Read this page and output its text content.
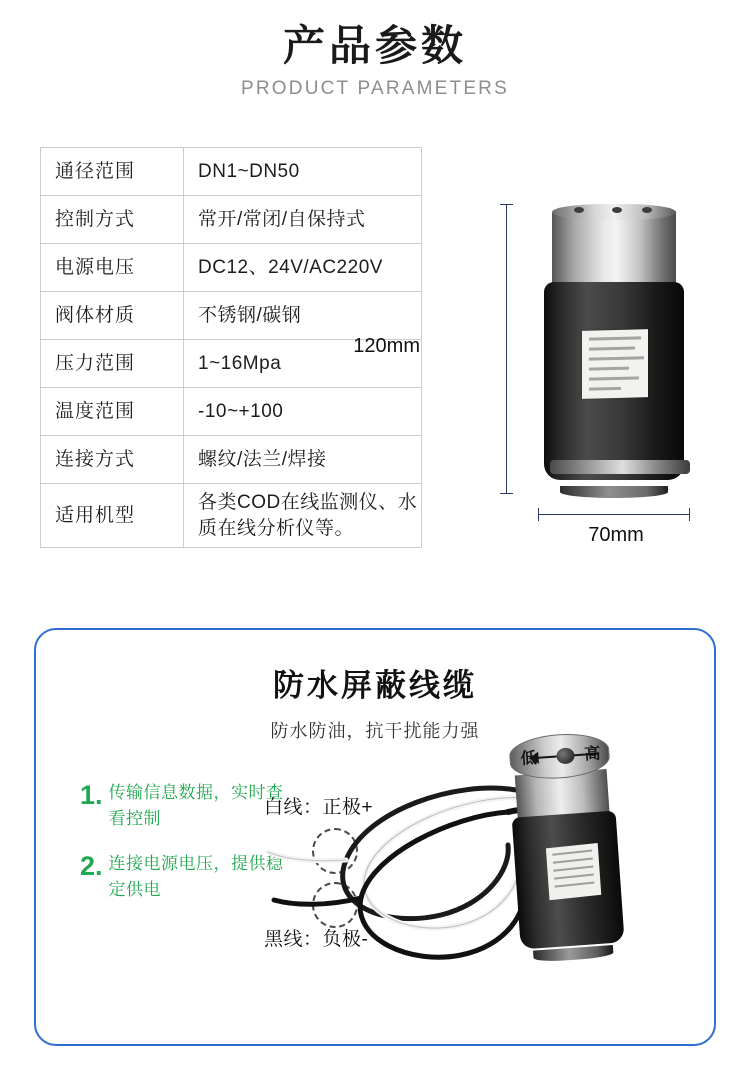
产品参数
PRODUCT PARAMETERS
通径范围	DN1~DN50
控制方式	常开/常闭/自保持式
电源电压	DC12、24V/AC220V
阀体材质	不锈钢/碳钢
压力范围	1~16Mpa
温度范围	-10~+100
连接方式	螺纹/法兰/焊接
适用机型	各类COD在线监测仪、水质在线分析仪等。
120mm
70mm
防水屏蔽线缆
防水防油，抗干扰能力强
1. 传输信息数据，实时查看控制
2. 连接电源电压，提供稳定供电
白线：正极+
黑线：负极-
低	高
